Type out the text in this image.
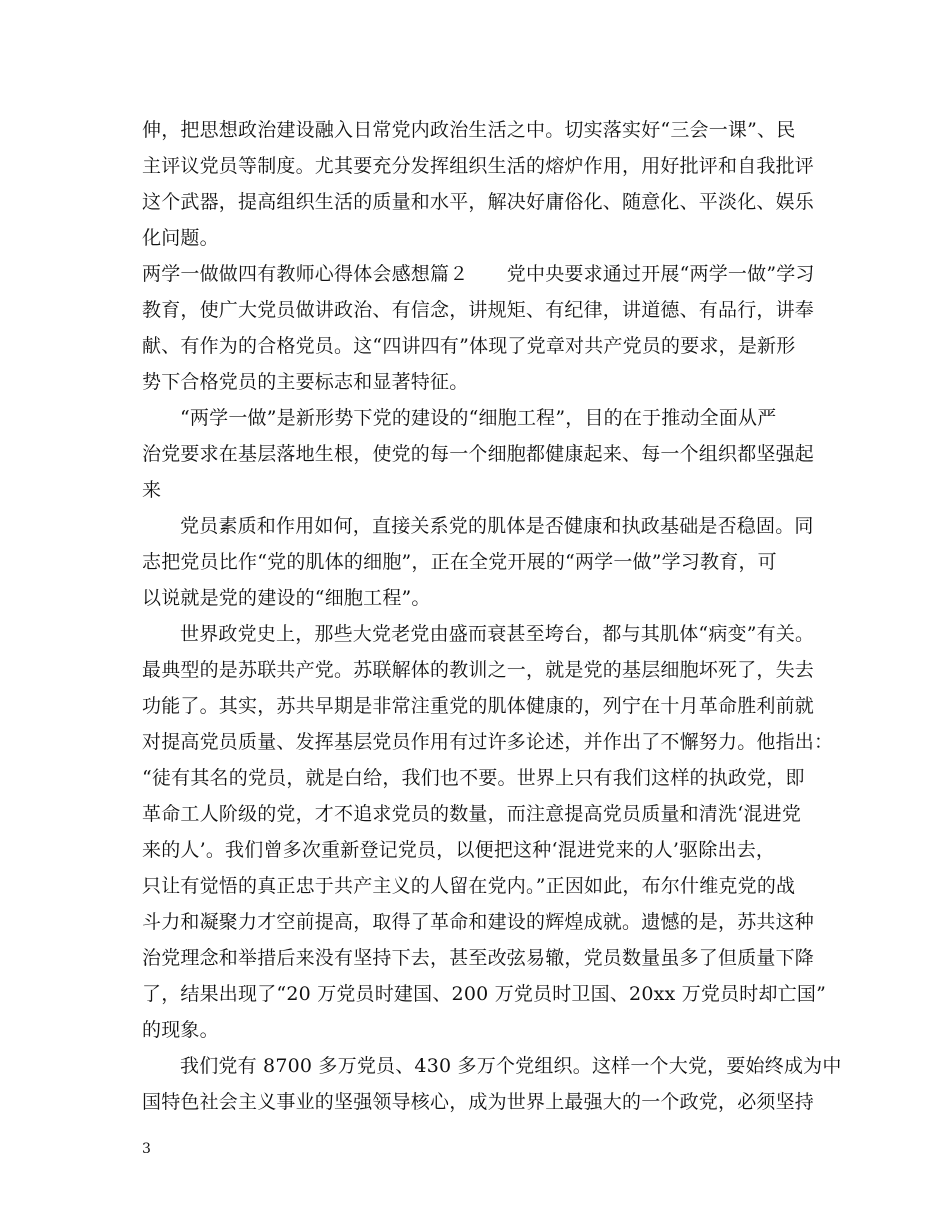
伸，把思想政治建设融入日常党内政治生活之中。切实落实好“三会一课”、民
主评议党员等制度。尤其要充分发挥组织生活的熔炉作用，用好批评和自我批评
这个武器，提高组织生活的质量和水平，解决好庸俗化、随意化、平淡化、娱乐
化问题。
两学一做做四有教师心得体会感想篇２　　党中央要求通过开展“两学一做”学习
教育，使广大党员做讲政治、有信念，讲规矩、有纪律，讲道德、有品行，讲奉
献、有作为的合格党员。这“四讲四有”体现了党章对共产党员的要求，是新形
势下合格党员的主要标志和显著特征。
“两学一做”是新形势下党的建设的“细胞工程”，目的在于推动全面从严
治党要求在基层落地生根，使党的每一个细胞都健康起来、每一个组织都坚强起
来
党员素质和作用如何，直接关系党的肌体是否健康和执政基础是否稳固。同
志把党员比作“党的肌体的细胞”，正在全党开展的“两学一做”学习教育，可
以说就是党的建设的“细胞工程”。
世界政党史上，那些大党老党由盛而衰甚至垮台，都与其肌体“病变”有关。
最典型的是苏联共产党。苏联解体的教训之一，就是党的基层细胞坏死了，失去
功能了。其实，苏共早期是非常注重党的肌体健康的，列宁在十月革命胜利前就
对提高党员质量、发挥基层党员作用有过许多论述，并作出了不懈努力。他指出：
“徒有其名的党员，就是白给，我们也不要。世界上只有我们这样的执政党，即
革命工人阶级的党，才不追求党员的数量，而注意提高党员质量和清洗‘混进党
来的人’。我们曾多次重新登记党员，以便把这种‘混进党来的人’驱除出去，
只让有觉悟的真正忠于共产主义的人留在党内。”正因如此，布尔什维克党的战
斗力和凝聚力才空前提高，取得了革命和建设的辉煌成就。遗憾的是，苏共这种
治党理念和举措后来没有坚持下去，甚至改弦易辙，党员数量虽多了但质量下降
了，结果出现了“20 万党员时建国、200 万党员时卫国、20xx 万党员时却亡国”
的现象。
我们党有 8700 多万党员、430 多万个党组织。这样一个大党，要始终成为中
国特色社会主义事业的坚强领导核心，成为世界上最强大的一个政党，必须坚持
3
